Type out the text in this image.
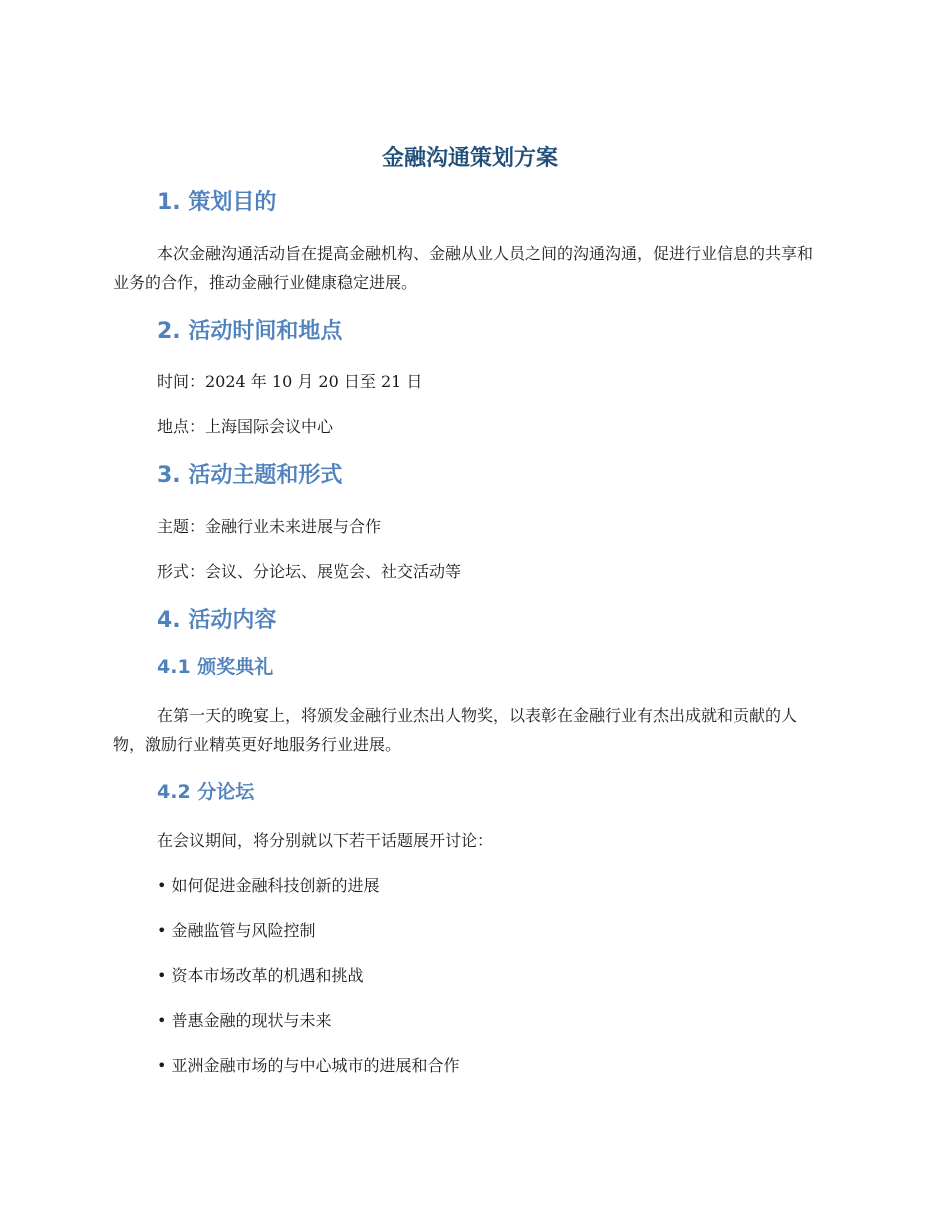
金融沟通策划方案
1. 策划目的
本次金融沟通活动旨在提高金融机构、金融从业人员之间的沟通沟通，促进行业信息的共享和业务的合作，推动金融行业健康稳定进展。
2. 活动时间和地点
时间：2024 年 10 月 20 日至 21 日
地点：上海国际会议中心
3. 活动主题和形式
主题：金融行业未来进展与合作
形式：会议、分论坛、展览会、社交活动等
4. 活动内容
4.1 颁奖典礼
在第一天的晚宴上，将颁发金融行业杰出人物奖，以表彰在金融行业有杰出成就和贡献的人物，激励行业精英更好地服务行业进展。
4.2 分论坛
在会议期间，将分别就以下若干话题展开讨论：
• 如何促进金融科技创新的进展
• 金融监管与风险控制
• 资本市场改革的机遇和挑战
• 普惠金融的现状与未来
• 亚洲金融市场的与中心城市的进展和合作
